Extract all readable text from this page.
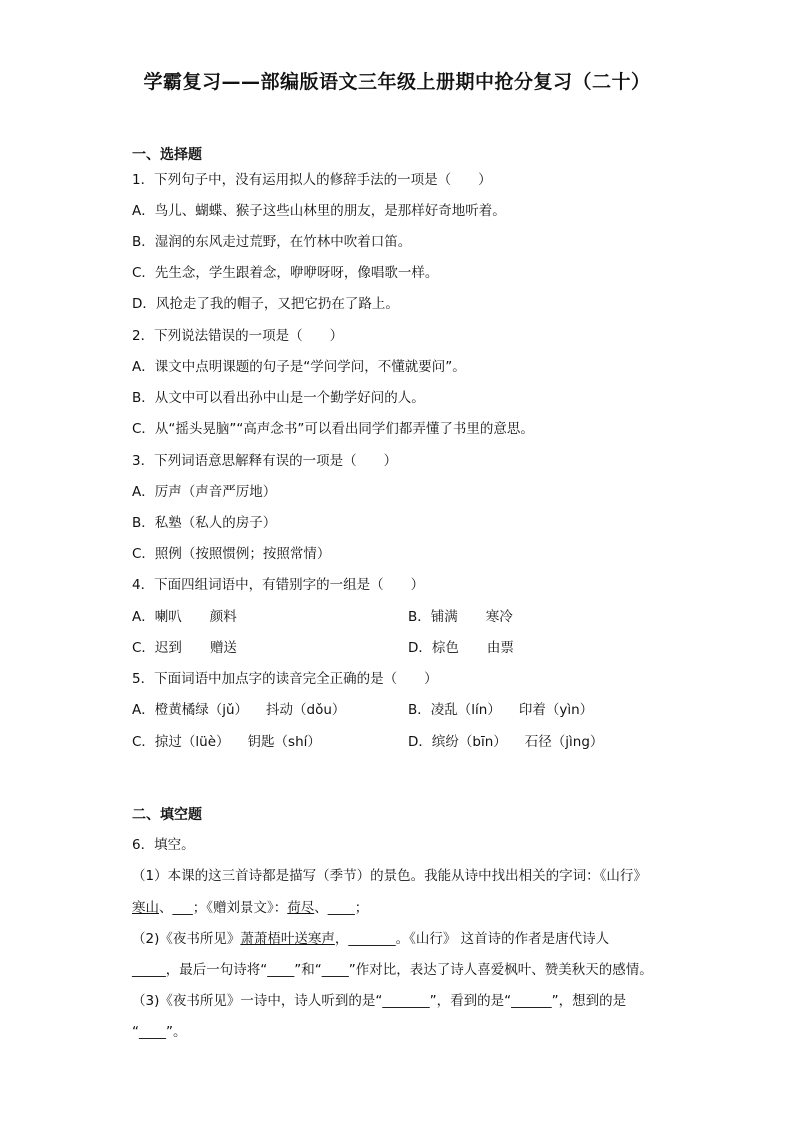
学霸复习——部编版语文三年级上册期中抢分复习（二十）
一、选择题
1．下列句子中，没有运用拟人的修辞手法的一项是（　　）
A．鸟儿、蝴蝶、猴子这些山林里的朋友，是那样好奇地听着。
B．湿润的东风走过荒野，在竹林中吹着口笛。
C．先生念，学生跟着念，咿咿呀呀，像唱歌一样。
D．风抢走了我的帽子，又把它扔在了路上。
2．下列说法错误的一项是（　　）
A．课文中点明课题的句子是“学问学问，不懂就要问”。
B．从文中可以看出孙中山是一个勤学好问的人。
C．从“摇头晃脑”“高声念书”可以看出同学们都弄懂了书里的意思。
3．下列词语意思解释有误的一项是（　　）
A．厉声（声音严厉地）
B．私塾（私人的房子）
C．照例（按照惯例；按照常情）
4．下面四组词语中，有错别字的一组是（　　）
A．喇叭 颜料	B．铺满 寒冷
C．迟到 赠送	D．棕色 由票
5．下面词语中加点字的读音完全正确的是（　　）
A．橙黄橘绿（jǔ） 抖动（dǒu）	B．凌乱（lín） 印着（yìn）
C．掠过（lüè） 钥匙（shí）	D．缤纷（bīn） 石径（jìng）
二、填空题
6．填空。
（1）本课的这三首诗都是描写（季节）的景色。我能从诗中找出相关的字词：《山行》
寒山、___；《赠刘景文》：荷尽、____；
（2)《夜书所见》萧萧梧叶送寒声，_______。《山行》 这首诗的作者是唐代诗人
_____，最后一句诗将“____”和“____”作对比，表达了诗人喜爱枫叶、赞美秋天的感情。
（3)《夜书所见》一诗中，诗人听到的是“_______”，看到的是“______”，想到的是
“____”。
